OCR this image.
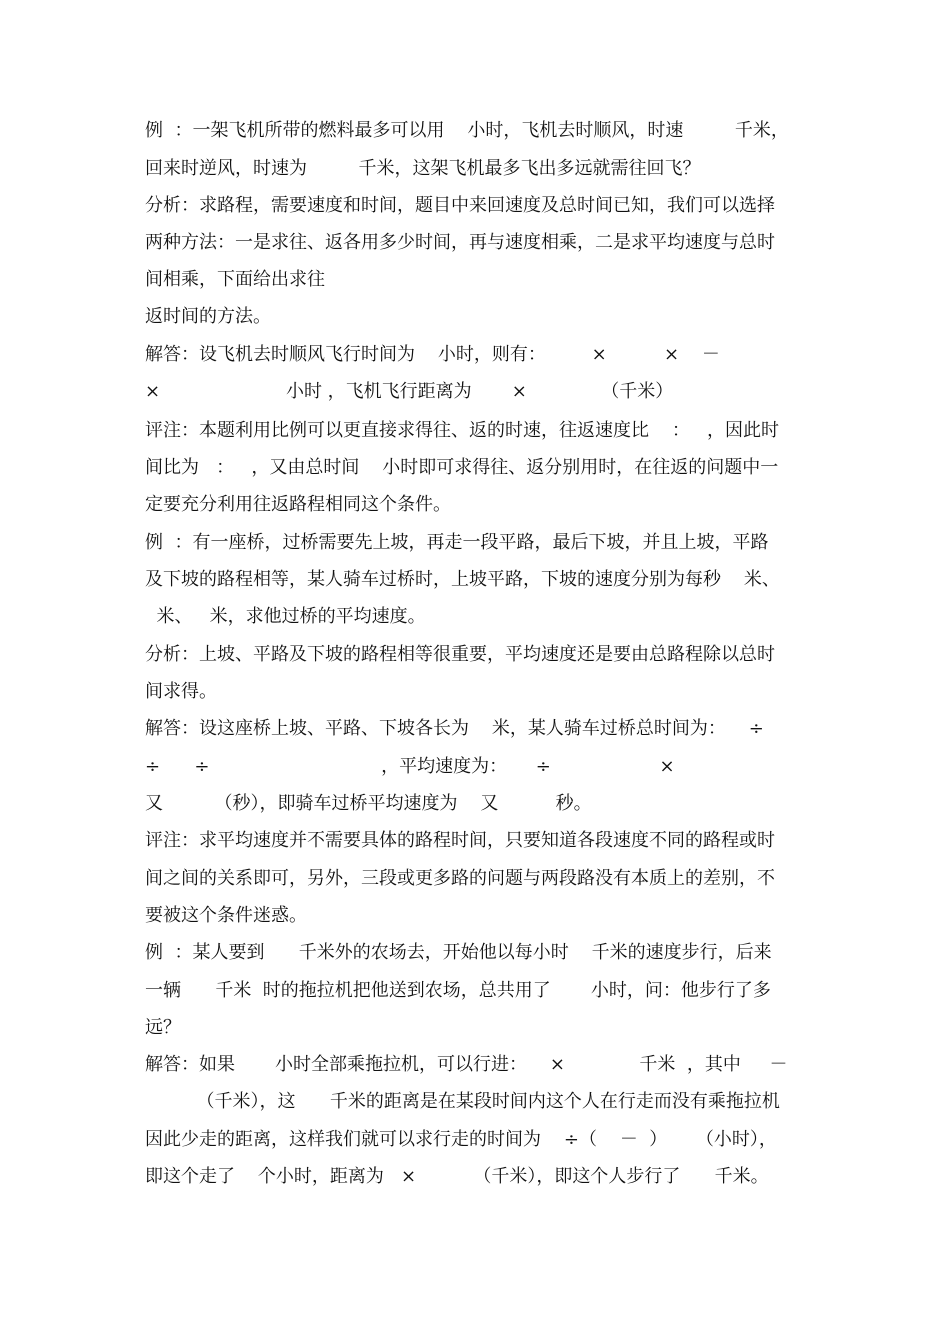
例  ：一架飞机所带的燃料最多可以用    小时，飞机去时顺风，时速         千米，
回来时逆风，时速为         千米，这架飞机最多飞出多远就需往回飞？
分析：求路程，需要速度和时间，题目中来回速度及总时间已知，我们可以选择
两种方法：一是求往、返各用多少时间，再与速度相乘，二是求平均速度与总时
间相乘，下面给出求往
返时间的方法。
解答：设飞机去时顺风飞行时间为    小时，则有：        ×          ×    －
×                      小时 ，飞机飞行距离为       ×             （千米）
评注：本题利用比例可以更直接求得往、返的时速，往返速度比    ：   ，因此时
间比为   ：   ，又由总时间    小时即可求得往、返分别用时，在往返的问题中一
定要充分利用往返路程相同这个条件。
例  ：有一座桥，过桥需要先上坡，再走一段平路，最后下坡，并且上坡，平路
及下坡的路程相等，某人骑车过桥时，上坡平路，下坡的速度分别为每秒    米、
米、   米，求他过桥的平均速度。
分析：上坡、平路及下坡的路程相等很重要，平均速度还是要由总路程除以总时
间求得。
解答：设这座桥上坡、平路、下坡各长为    米，某人骑车过桥总时间为：    ÷
÷      ÷                              ，平均速度为：     ÷                   ×
又         （秒），即骑车过桥平均速度为    又          秒。
评注：求平均速度并不需要具体的路程时间，只要知道各段速度不同的路程或时
间之间的关系即可，另外，三段或更多路的问题与两段路没有本质上的差别，不
要被这个条件迷惑。
例  ：某人要到      千米外的农场去，开始他以每小时    千米的速度步行，后来
一辆      千米  时的拖拉机把他送到农场，总共用了       小时，问：他步行了多
远？
解答：如果       小时全部乘拖拉机，可以行进：    ×             千米  ，其中     －
（千米），这      千米的距离是在某段时间内这个人在行走而没有乘拖拉机
因此少走的距离，这样我们就可以求行走的时间为    ÷（    －  ）     （小时），
即这个走了    个小时，距离为   ×          （千米），即这个人步行了      千米。
